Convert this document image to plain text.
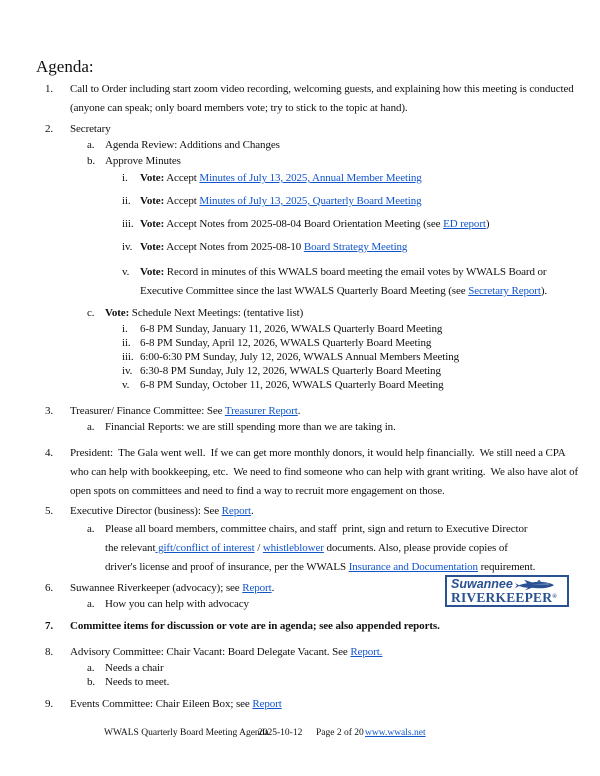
Agenda:
1. Call to Order including start zoom video recording, welcoming guests, and explaining how this meeting is conducted
(anyone can speak; only board members vote; try to stick to the topic at hand).
2. Secretary
a. Agenda Review: Additions and Changes
b. Approve Minutes
i. Vote: Accept Minutes of July 13, 2025, Annual Member Meeting
ii. Vote: Accept Minutes of July 13, 2025, Quarterly Board Meeting
iii. Vote: Accept Notes from 2025-08-04 Board Orientation Meeting (see ED report)
iv. Vote: Accept Notes from 2025-08-10 Board Strategy Meeting
v. Vote: Record in minutes of this WWALS board meeting the email votes by WWALS Board or
Executive Committee since the last WWALS Quarterly Board Meeting (see Secretary Report).
c. Vote: Schedule Next Meetings: (tentative list)
i. 6-8 PM Sunday, January 11, 2026, WWALS Quarterly Board Meeting
ii. 6-8 PM Sunday, April 12, 2026, WWALS Quarterly Board Meeting
iii. 6:00-6:30 PM Sunday, July 12, 2026, WWALS Annual Members Meeting
iv. 6:30-8 PM Sunday, July 12, 2026, WWALS Quarterly Board Meeting
v. 6-8 PM Sunday, October 11, 2026, WWALS Quarterly Board Meeting
3. Treasurer/ Finance Committee: See Treasurer Report.
a. Financial Reports: we are still spending more than we are taking in.
4. President:  The Gala went well.  If we can get more monthly donors, it would help financially.  We still need a CPA
who can help with bookkeeping, etc.  We need to find someone who can help with grant writing.  We also have alot of
open spots on committees and need to find a way to recruit more engagement on those.
5. Executive Director (business): See Report.
a. Please all board members, committee chairs, and staff  print, sign and return to Executive Director
the relevant gift/conflict of interest / whistleblower documents. Also, please provide copies of
driver's license and proof of insurance, per the WWALS Insurance and Documentation requirement.
6. Suwannee Riverkeeper (advocacy); see Report.
a. How you can help with advocacy
7. Committee items for discussion or vote are in agenda; see also appended reports.
8. Advisory Committee: Chair Vacant: Board Delegate Vacant. See Report.
a. Needs a chair
b. Needs to meet.
9. Events Committee: Chair Eileen Box; see Report
Suwannee
RIVERKEEPER®
WWALS Quarterly Board Meeting Agenda
2025-10-12 Page 2 of 20 www.wwals.net
